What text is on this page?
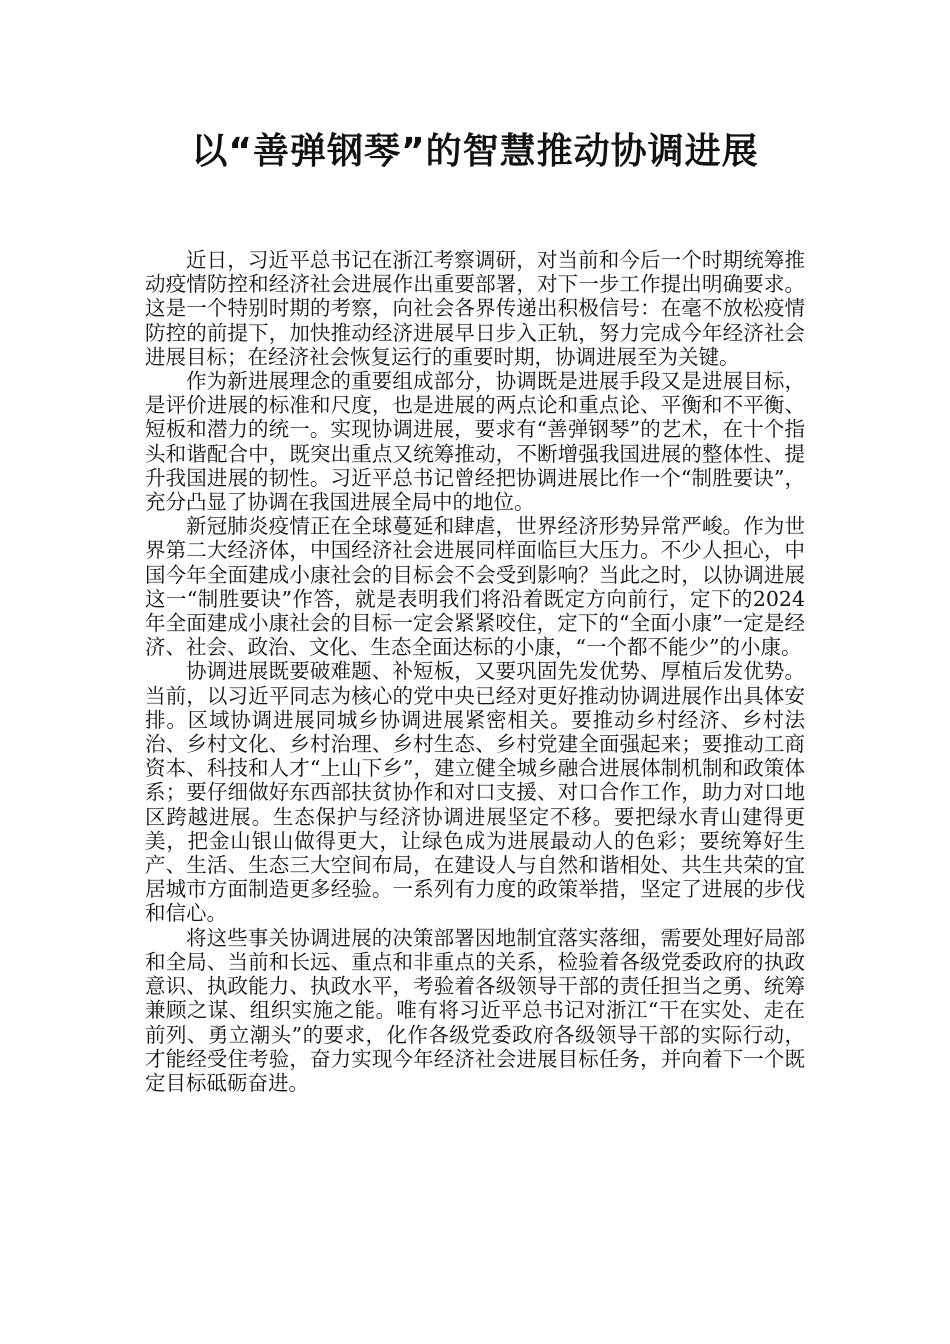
以“善弹钢琴”的智慧推动协调进展

近日，习近平总书记在浙江考察调研，对当前和今后一个时期统筹推动疫情防控和经济社会进展作出重要部署，对下一步工作提出明确要求。这是一个特别时期的考察，向社会各界传递出积极信号：在毫不放松疫情防控的前提下，加快推动经济进展早日步入正轨，努力完成今年经济社会进展目标；在经济社会恢复运行的重要时期，协调进展至为关键。

作为新进展理念的重要组成部分，协调既是进展手段又是进展目标，是评价进展的标准和尺度，也是进展的两点论和重点论、平衡和不平衡、短板和潜力的统一。实现协调进展，要求有“善弹钢琴”的艺术，在十个指头和谐配合中，既突出重点又统筹推动，不断增强我国进展的整体性、提升我国进展的韧性。习近平总书记曾经把协调进展比作一个“制胜要诀”，充分凸显了协调在我国进展全局中的地位。

新冠肺炎疫情正在全球蔓延和肆虐，世界经济形势异常严峻。作为世界第二大经济体，中国经济社会进展同样面临巨大压力。不少人担心，中国今年全面建成小康社会的目标会不会受到影响？当此之时，以协调进展这一“制胜要诀”作答，就是表明我们将沿着既定方向前行，定下的2024年全面建成小康社会的目标一定会紧紧咬住，定下的“全面小康”一定是经济、社会、政治、文化、生态全面达标的小康，“一个都不能少”的小康。

协调进展既要破难题、补短板，又要巩固先发优势、厚植后发优势。当前，以习近平同志为核心的党中央已经对更好推动协调进展作出具体安排。区域协调进展同城乡协调进展紧密相关。要推动乡村经济、乡村法治、乡村文化、乡村治理、乡村生态、乡村党建全面强起来；要推动工商资本、科技和人才“上山下乡”，建立健全城乡融合进展体制机制和政策体系；要仔细做好东西部扶贫协作和对口支援、对口合作工作，助力对口地区跨越进展。生态保护与经济协调进展坚定不移。要把绿水青山建得更美，把金山银山做得更大，让绿色成为进展最动人的色彩；要统筹好生产、生活、生态三大空间布局，在建设人与自然和谐相处、共生共荣的宜居城市方面制造更多经验。一系列有力度的政策举措，坚定了进展的步伐和信心。

将这些事关协调进展的决策部署因地制宜落实落细，需要处理好局部和全局、当前和长远、重点和非重点的关系，检验着各级党委政府的执政意识、执政能力、执政水平，考验着各级领导干部的责任担当之勇、统筹兼顾之谋、组织实施之能。唯有将习近平总书记对浙江“干在实处、走在前列、勇立潮头”的要求，化作各级党委政府各级领导干部的实际行动，才能经受住考验，奋力实现今年经济社会进展目标任务，并向着下一个既定目标砥砺奋进。
